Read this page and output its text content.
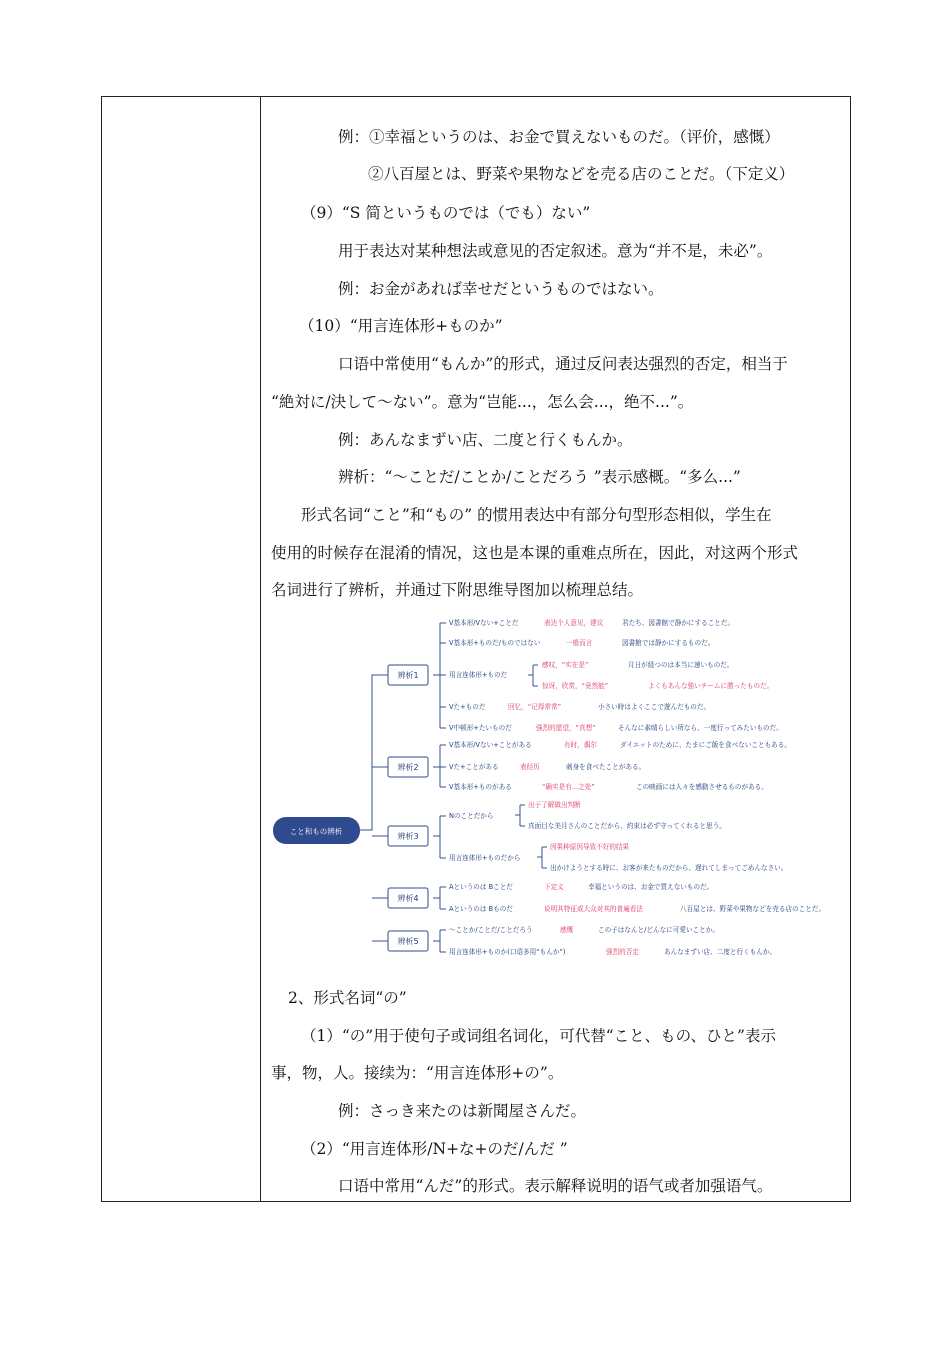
例：①幸福というのは、お金で買えないものだ。（评价，感慨）
②八百屋とは、野菜や果物などを売る店のことだ。（下定义）
（9）“S 简というものでは（でも）ない”
用于表达对某种想法或意见的否定叙述。意为“并不是，未必”。
例：お金があれば幸せだというものではない。
（10）“用言连体形+ものか”
口语中常使用“もんか”的形式，通过反问表达强烈的否定，相当于
“絶対に/決して～ない”。意为“岂能...，怎么会...，绝不...”。
例：あんなまずい店、二度と行くもんか。
辨析：“～ことだ/ことか/ことだろう ”表示感概。“多么...”
形式名词“こと”和“もの” 的惯用表达中有部分句型形态相似，学生在
使用的时候存在混淆的情况，这也是本课的重难点所在，因此，对这两个形式
名词进行了辨析，并通过下附思维导图加以梳理总结。
こと和もの辨析
辨析1
辨析2
辨析3
辨析4
辨析5
V基本形/Vない+ことだ	表达个人意见，建议	君たち、図書館で静かにすることだ。
V基本形+ものだ/ものではない	一般而言	図書館では静かにするものだ。
用言连体形+ものだ
感叹，“实在是”	月日が経つのは本当に速いものだ。
惊讶，欣赏，“竟然能”	よくもあんな強いチームに勝ったものだ。
Vた+ものだ	回忆，“记得常常”	小さい時はよくここで遊んだものだ。
V中顿形+たいものだ	强烈的愿望，“真想”	そんなに素晴らしい所なら、一度行ってみたいものだ。
V基本形/Vない+ことがある	有时，偶尔	ダイエットのために、たまにご飯を食べないこともある。
Vた+ことがある	表经历	刺身を食べたことがある。
V基本形+ものがある	“确实是有...之处”	この映画には人々を感動させるものがある。
Nのことだから
出于了解做出判断
真面目な美月さんのことだから、約束は必ず守ってくれると思う。
用言连体形+ものだから
因果种原因导致不好的结果
出かけようとする時に、お客が来たものだから、遅れてしまってごめんなさい。
Aというのは Bことだ	下定义	幸福というのは、お金で買えないものだ。
Aというのは Bものだ	说明其特征或大众对其的普遍看法	八百屋とは、野菜や果物などを売る店のことだ。
～ことか/ことだ/ことだろう	感慨	この子はなんと/どんなに可愛いことか。
用言连体形+ものか(口语多用“もんか”)	强烈的否定	あんなまずい店、二度と行くもんか。
2、形式名词“の”
（1）“の”用于使句子或词组名词化，可代替“こと、もの、ひと”表示
事，物，人。接续为：“用言连体形+の”。
例：さっき来たのは新聞屋さんだ。
（2）“用言连体形/N+な+のだ/んだ ”
口语中常用“んだ”的形式。表示解释说明的语气或者加强语气。
